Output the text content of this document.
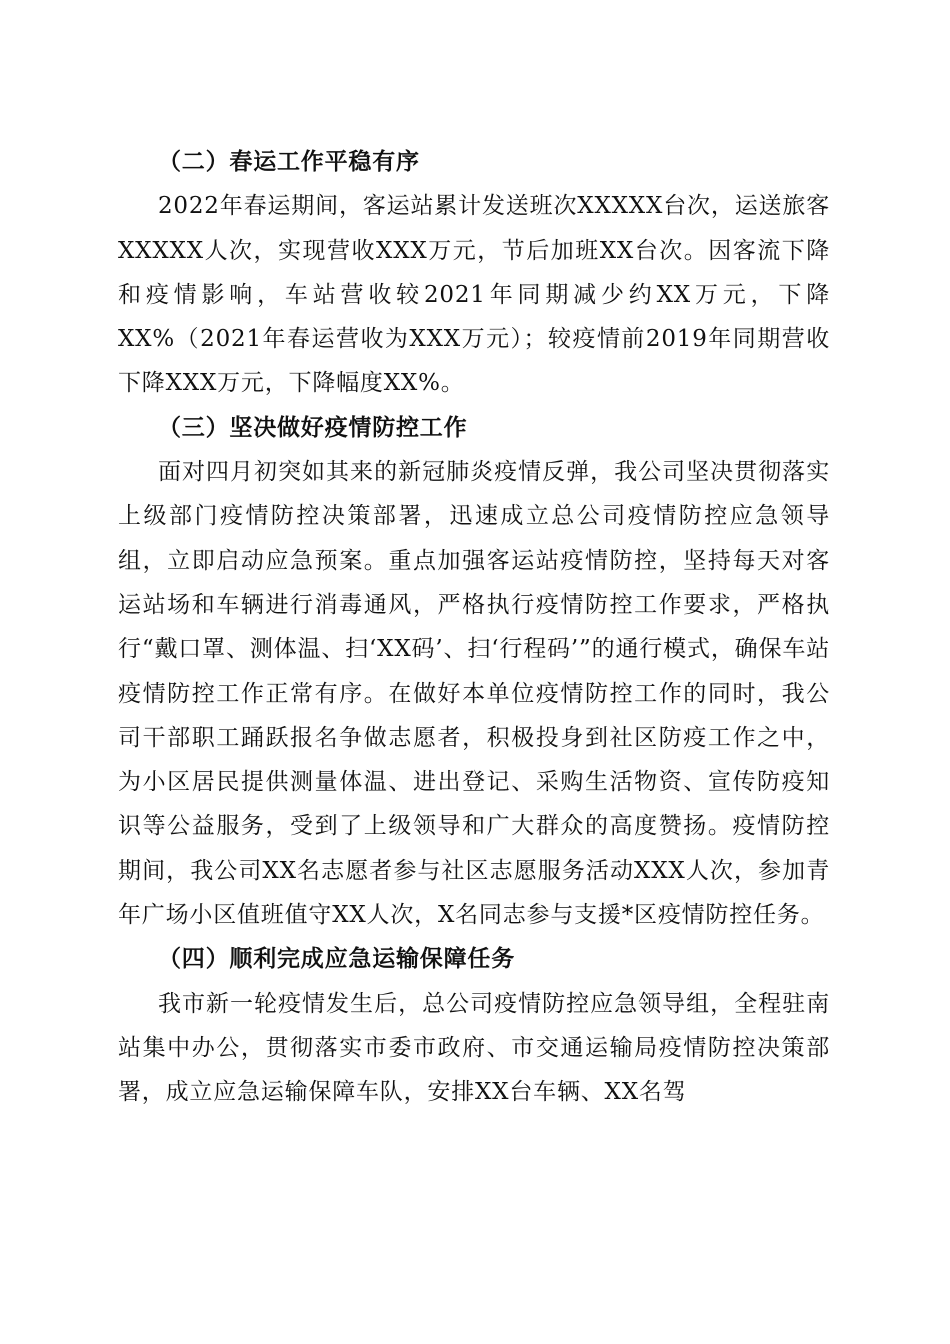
（二）春运工作平稳有序

2022年春运期间，客运站累计发送班次XXXXX台次，运送旅客XXXXX人次，实现营收XXX万元，节后加班XX台次。因客流下降和疫情影响，车站营收较2021年同期减少约XX万元，下降XX%（2021年春运营收为XXX万元）；较疫情前2019年同期营收下降XXX万元，下降幅度XX%。

（三）坚决做好疫情防控工作

面对四月初突如其来的新冠肺炎疫情反弹，我公司坚决贯彻落实上级部门疫情防控决策部署，迅速成立总公司疫情防控应急领导组，立即启动应急预案。重点加强客运站疫情防控，坚持每天对客运站场和车辆进行消毒通风，严格执行疫情防控工作要求，严格执行“戴口罩、测体温、扫‘XX码’、扫‘行程码’”的通行模式，确保车站疫情防控工作正常有序。在做好本单位疫情防控工作的同时，我公司干部职工踊跃报名争做志愿者，积极投身到社区防疫工作之中，为小区居民提供测量体温、进出登记、采购生活物资、宣传防疫知识等公益服务，受到了上级领导和广大群众的高度赞扬。疫情防控期间，我公司XX名志愿者参与社区志愿服务活动XXX人次，参加青年广场小区值班值守XX人次，X名同志参与支援*区疫情防控任务。

（四）顺利完成应急运输保障任务

我市新一轮疫情发生后，总公司疫情防控应急领导组，全程驻南站集中办公，贯彻落实市委市政府、市交通运输局疫情防控决策部署，成立应急运输保障车队，安排XX台车辆、XX名驾
